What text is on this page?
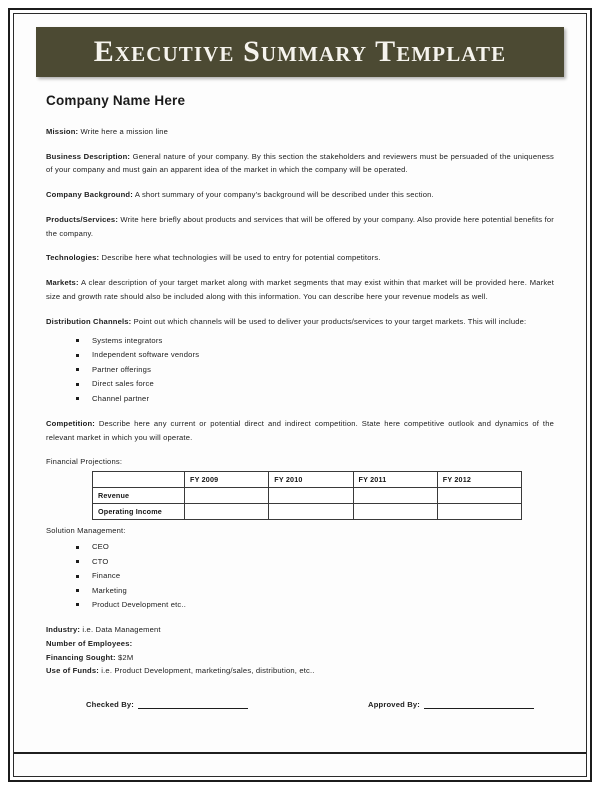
Executive Summary Template
Company Name Here

Mission: Write here a mission line

Business Description: General nature of your company. By this section the stakeholders and reviewers must be persuaded of the uniqueness of your company and must gain an apparent idea of the market in which the company will be operated.

Company Background: A short summary of your company's background will be described under this section.

Products/Services: Write here briefly about products and services that will be offered by your company. Also provide here potential benefits for the company.

Technologies: Describe here what technologies will be used to entry for potential competitors.

Markets: A clear description of your target market along with market segments that may exist within that market will be provided here. Market size and growth rate should also be included along with this information. You can describe here your revenue models as well.

Distribution Channels: Point out which channels will be used to deliver your products/services to your target markets. This will include:

Systems integrators
Independent software vendors
Partner offerings
Direct sales force
Channel partner

Competition: Describe here any current or potential direct and indirect competition. State here competitive outlook and dynamics of the relevant market in which you will operate.

Financial Projections:
	FY 2009	FY 2010	FY 2011	FY 2012
Revenue				
Operating Income				
Solution Management:
CEO
CTO
Finance
Marketing
Product Development etc..
Industry: i.e. Data Management
Number of Employees:
Financing Sought: $2M
Use of Funds: i.e. Product Development, marketing/sales, distribution, etc..
Checked By:	Approved By:
